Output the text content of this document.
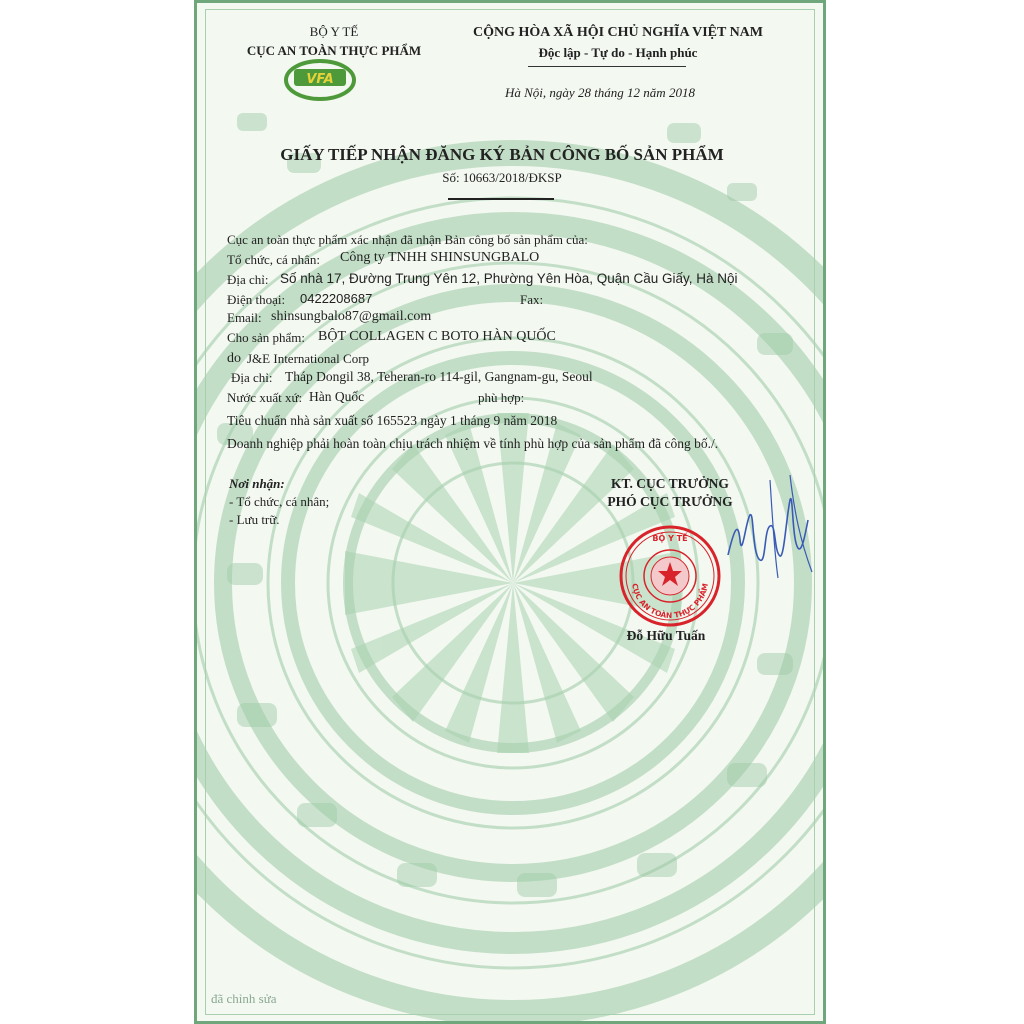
BỘ Y TẾ
CỤC AN TOÀN THỰC PHẨM
VFA
CỘNG HÒA XÃ HỘI CHỦ NGHĨA VIỆT NAM
Độc lập - Tự do - Hạnh phúc
Hà Nội, ngày 28 tháng 12 năm 2018
GIẤY TIẾP NHẬN ĐĂNG KÝ BẢN CÔNG BỐ SẢN PHẨM
Số: 10663/2018/ĐKSP
Cục an toàn thực phẩm xác nhận đã nhận Bản công bố sản phẩm của:
Tổ chức, cá nhân: Công ty TNHH SHINSUNGBALO
Địa chỉ: Số nhà 17, Đường Trung Yên 12, Phường Yên Hòa, Quận Cầu Giấy, Hà Nội
Điện thoại: 0422208687	Fax:
Email: shinsungbalo87@gmail.com
Cho sản phẩm: BỘT COLLAGEN C BOTO HÀN QUỐC
do J&E International Corp
Địa chỉ: Tháp Dongil 38, Teheran-ro 114-gil, Gangnam-gu, Seoul
Nước xuất xứ: Hàn Quốc	phù hợp:
Tiêu chuẩn nhà sản xuất số 165523 ngày 1 tháng 9 năm 2018
Doanh nghiệp phải hoàn toàn chịu trách nhiệm về tính phù hợp của sản phẩm đã công bố./.
Nơi nhận:
- Tổ chức, cá nhân;
- Lưu trữ.
KT. CỤC TRƯỞNG
PHÓ CỤC TRƯỞNG
BỘ Y TẾ
CỤC AN TOÀN THỰC PHẨM
Đỗ Hữu Tuấn
đã chỉnh sửa
